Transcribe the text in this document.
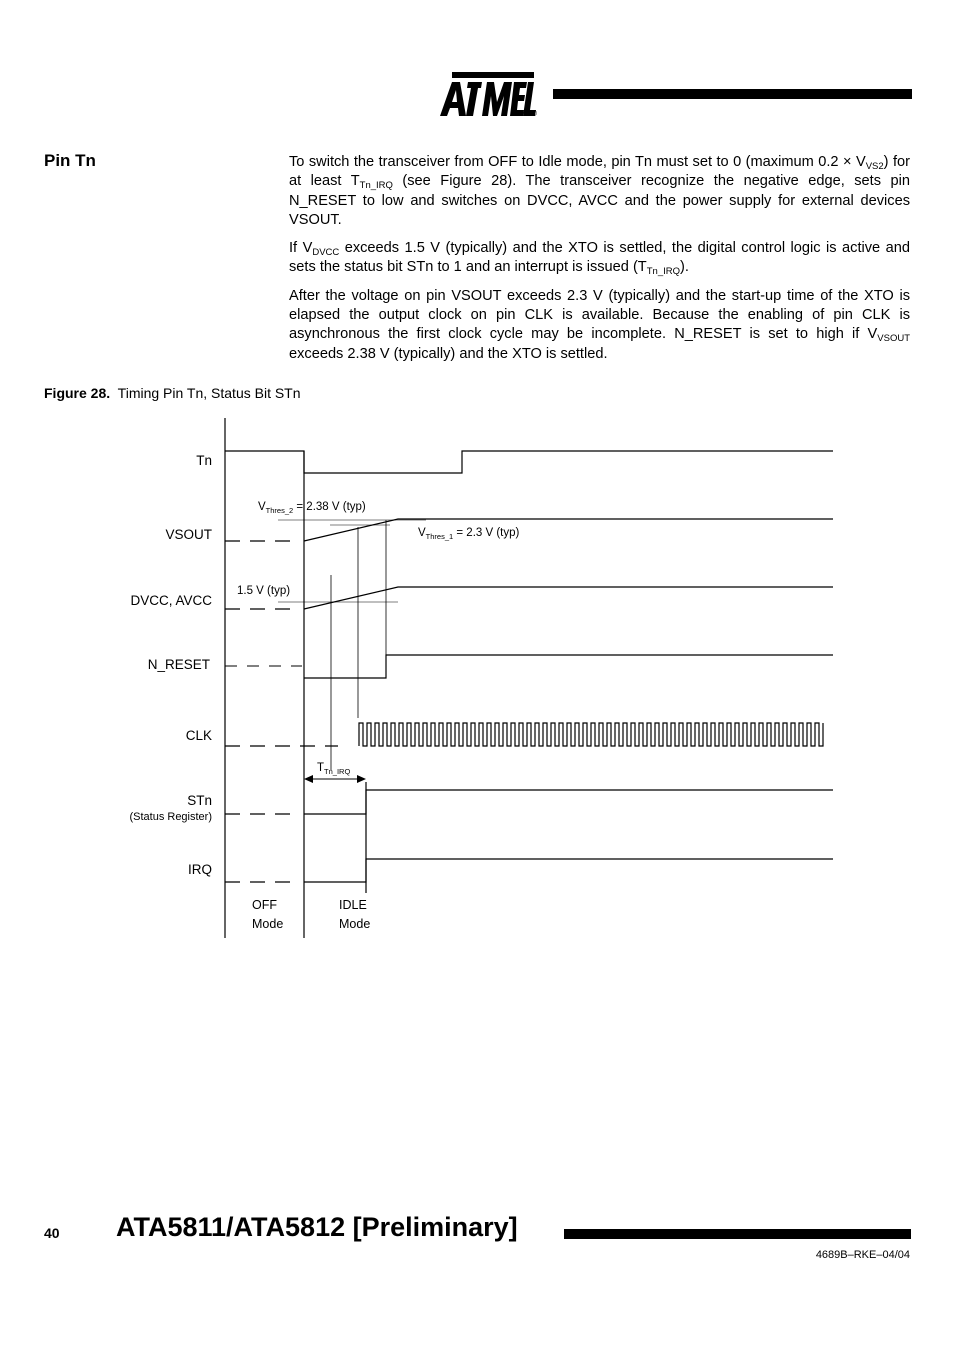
®
Pin Tn	To switch the transceiver from OFF to Idle mode, pin Tn must set to 0 (maximum $0.2 \times V_{VS2}$) for at least $T_{Tn\_IRQ}$ (see Figure 28). The transceiver recognize the negative edge, sets pin N_RESET to low and switches on DVCC, AVCC and the power supply for external devices VSOUT.

If $V_{DVCC}$ exceeds 1.5 V (typically) and the XTO is settled, the digital control logic is active and sets the status bit STn to 1 and an interrupt is issued $(T_{Tn\_IRQ})$.

After the voltage on pin VSOUT exceeds 2.3 V (typically) and the start-up time of the XTO is elapsed the output clock on pin CLK is available. Because the enabling of pin CLK is asynchronous the first clock cycle may be incomplete. N_RESET is set to high if $V_{VSOUT}$ exceeds 2.38 V (typically) and the XTO is settled.

Figure 28. Timing Pin Tn, Status Bit STn
Tn
VSOUT
DVCC, AVCC
N_RESET
CLK
STn
IRQ
(Status Register)
$V_{Thres\_2} = 2.38$ V (typ)
$V_{Thres\_1} = 2.3$ V (typ)
1.5 V (typ)
$T_{Tn\_IRQ}$
OFF
Mode
IDLE
Mode
40 ATA5811/ATA5812 [Preliminary]
4689B–RKE–04/04
